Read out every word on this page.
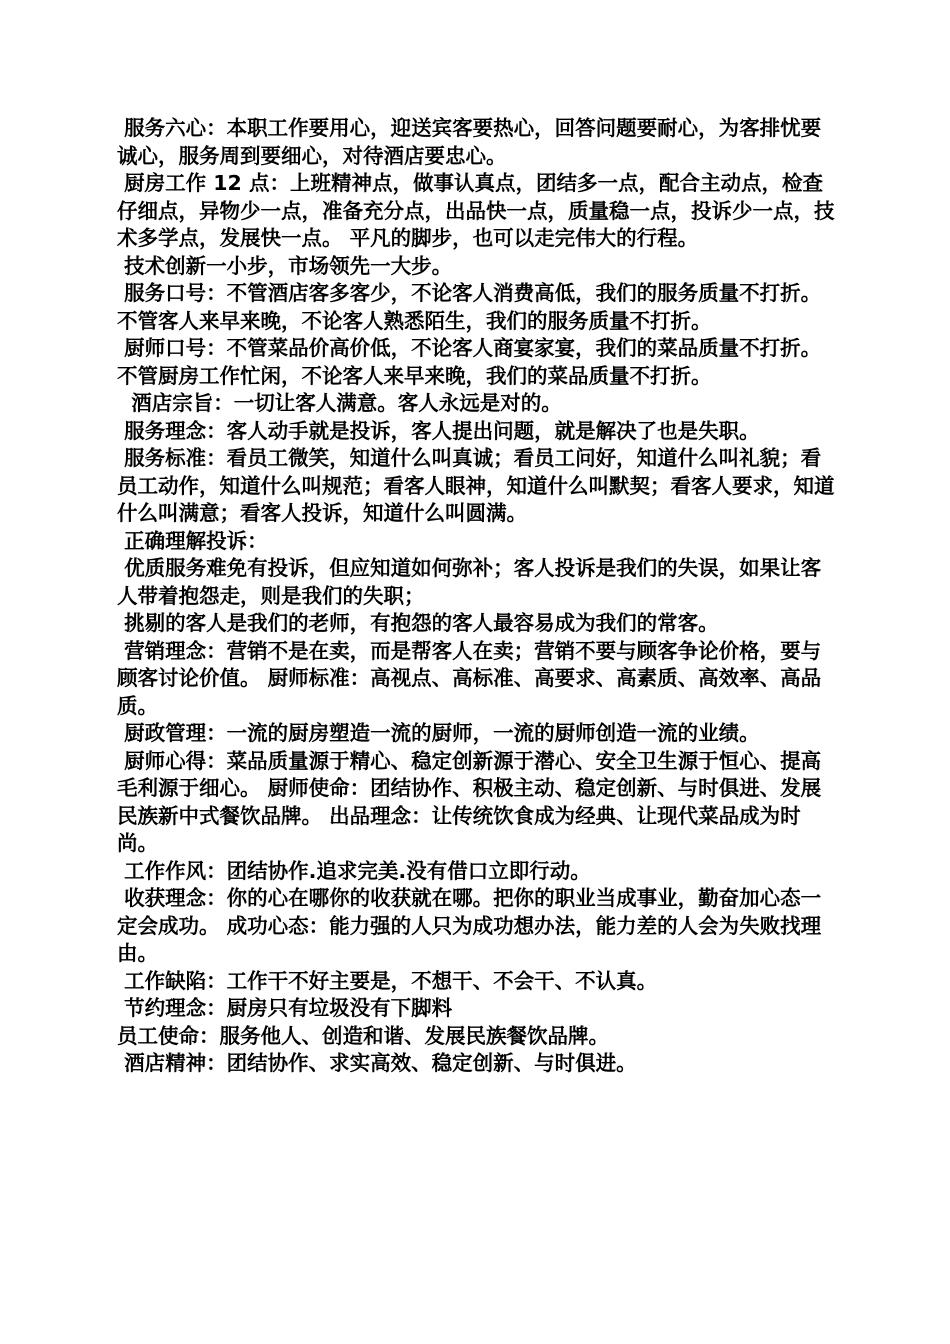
服务六心：本职工作要用心，迎送宾客要热心，回答问题要耐心，为客排忧要诚心，服务周到要细心，对待酒店要忠心。

厨房工作 12 点：上班精神点，做事认真点，团结多一点，配合主动点，检查仔细点，异物少一点，准备充分点，出品快一点，质量稳一点，投诉少一点，技术多学点，发展快一点。 平凡的脚步，也可以走完伟大的行程。

技术创新一小步，市场领先一大步。

服务口号：不管酒店客多客少，不论客人消费高低，我们的服务质量不打折。不管客人来早来晚，不论客人熟悉陌生，我们的服务质量不打折。

厨师口号：不管菜品价高价低，不论客人商宴家宴，我们的菜品质量不打折。不管厨房工作忙闲，不论客人来早来晚，我们的菜品质量不打折。

酒店宗旨：一切让客人满意。客人永远是对的。

服务理念：客人动手就是投诉，客人提出问题，就是解决了也是失职。

服务标准：看员工微笑，知道什么叫真诚；看员工问好，知道什么叫礼貌；看员工动作，知道什么叫规范；看客人眼神，知道什么叫默契；看客人要求，知道什么叫满意；看客人投诉，知道什么叫圆满。

正确理解投诉：

优质服务难免有投诉，但应知道如何弥补；客人投诉是我们的失误，如果让客人带着抱怨走，则是我们的失职；

挑剔的客人是我们的老师，有抱怨的客人最容易成为我们的常客。

营销理念：营销不是在卖，而是帮客人在卖；营销不要与顾客争论价格，要与顾客讨论价值。 厨师标准：高视点、高标准、高要求、高素质、高效率、高品质。

厨政管理：一流的厨房塑造一流的厨师，一流的厨师创造一流的业绩。

厨师心得：菜品质量源于精心、稳定创新源于潜心、安全卫生源于恒心、提高毛利源于细心。 厨师使命：团结协作、积极主动、稳定创新、与时俱进、发展民族新中式餐饮品牌。 出品理念：让传统饮食成为经典、让现代菜品成为时尚。

工作作风：团结协作.追求完美.没有借口立即行动。

收获理念：你的心在哪你的收获就在哪。把你的职业当成事业，勤奋加心态一定会成功。 成功心态：能力强的人只为成功想办法，能力差的人会为失败找理由。

工作缺陷：工作干不好主要是，不想干、不会干、不认真。

节约理念：厨房只有垃圾没有下脚料

员工使命：服务他人、创造和谐、发展民族餐饮品牌。

酒店精神：团结协作、求实高效、稳定创新、与时俱进。
